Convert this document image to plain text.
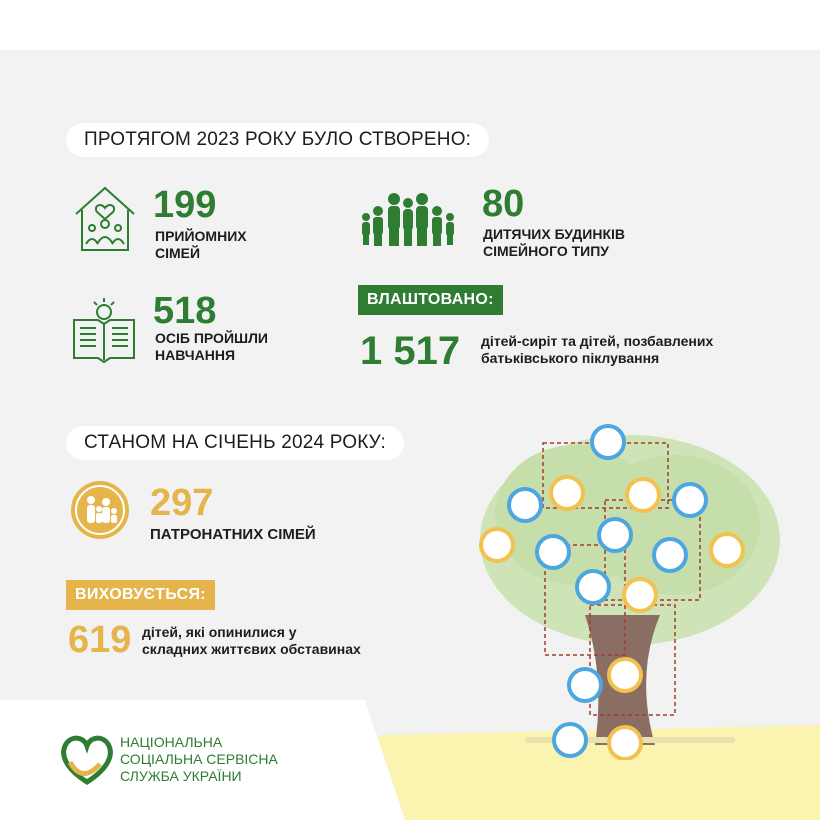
ПРОТЯГОМ 2023 РОКУ БУЛО СТВОРЕНО:
199
ПРИЙОМНИХ
СІМЕЙ
80
ДИТЯЧИХ БУДИНКІВ
СІМЕЙНОГО ТИПУ
518
ОСІБ ПРОЙШЛИ
НАВЧАННЯ
ВЛАШТОВАНО:
1 517 дітей-сиріт та дітей, позбавлених
батьківського піклування
СТАНОМ НА СІЧЕНЬ 2024 РОКУ:
297
ПАТРОНАТНИХ СІМЕЙ
ВИХОВУЄТЬСЯ:
619 дітей, які опинилися у
складних життєвих обставинах
НАЦІОНАЛЬНА
СОЦІАЛЬНА СЕРВІСНА
СЛУЖБА УКРАЇНИ
